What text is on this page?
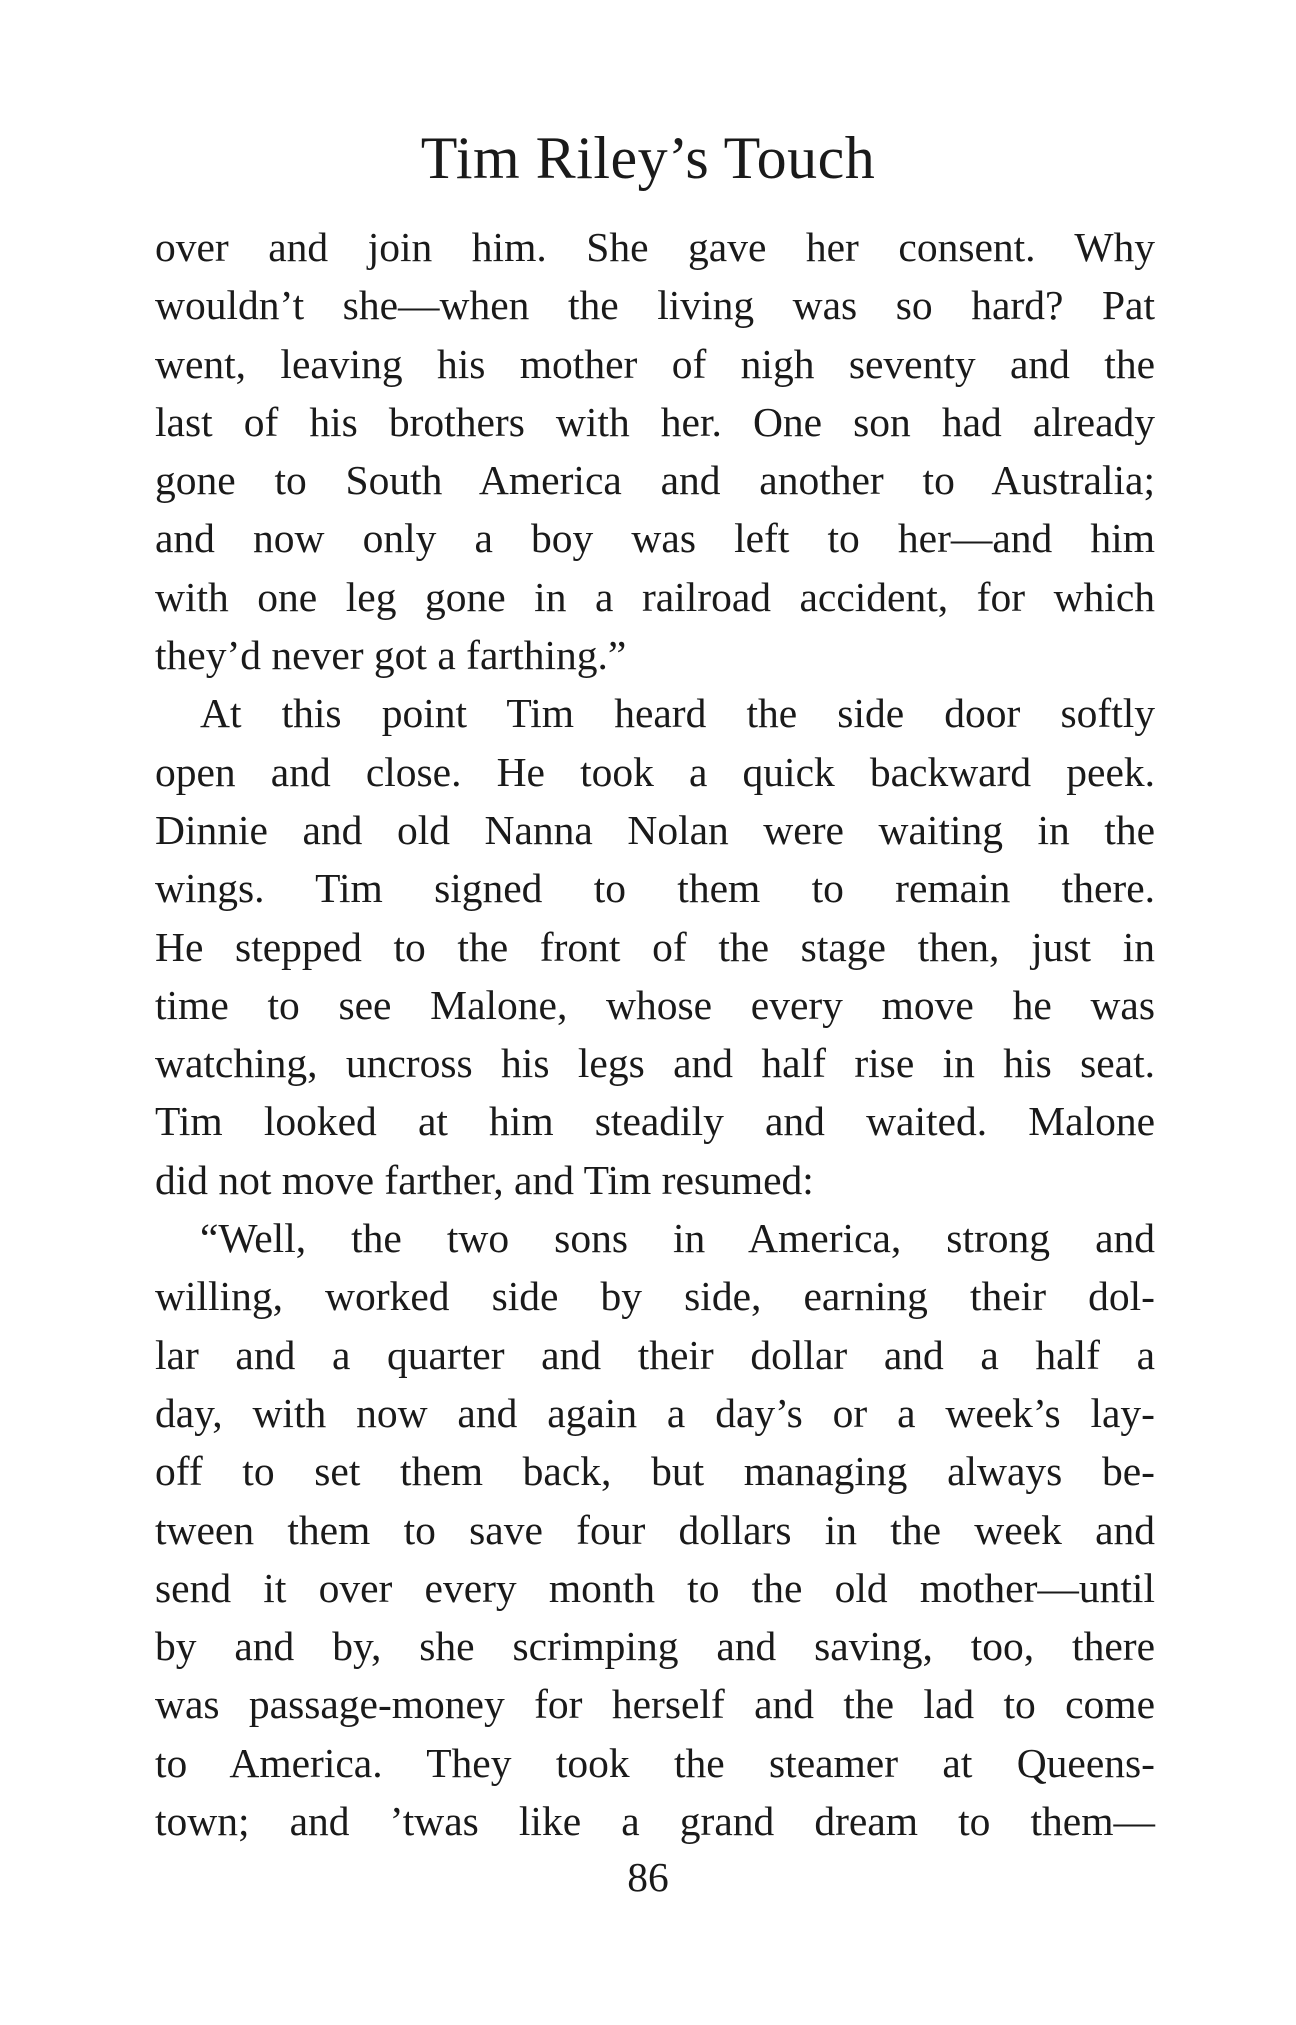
Tim Riley’s Touch
over and join him. She gave her consent. Why
wouldn’t she—when the living was so hard? Pat
went, leaving his mother of nigh seventy and the
last of his brothers with her. One son had already
gone to South America and another to Australia;
and now only a boy was left to her—and him
with one leg gone in a railroad accident, for which
they’d never got a farthing.”
At this point Tim heard the side door softly
open and close. He took a quick backward peek.
Dinnie and old Nanna Nolan were waiting in the
wings. Tim signed to them to remain there.
He stepped to the front of the stage then, just in
time to see Malone, whose every move he was
watching, uncross his legs and half rise in his seat.
Tim looked at him steadily and waited. Malone
did not move farther, and Tim resumed:
“Well, the two sons in America, strong and
willing, worked side by side, earning their dol-
lar and a quarter and their dollar and a half a
day, with now and again a day’s or a week’s lay-
off to set them back, but managing always be-
tween them to save four dollars in the week and
send it over every month to the old mother—until
by and by, she scrimping and saving, too, there
was passage-money for herself and the lad to come
to America. They took the steamer at Queens-
town; and ’twas like a grand dream to them—
86
